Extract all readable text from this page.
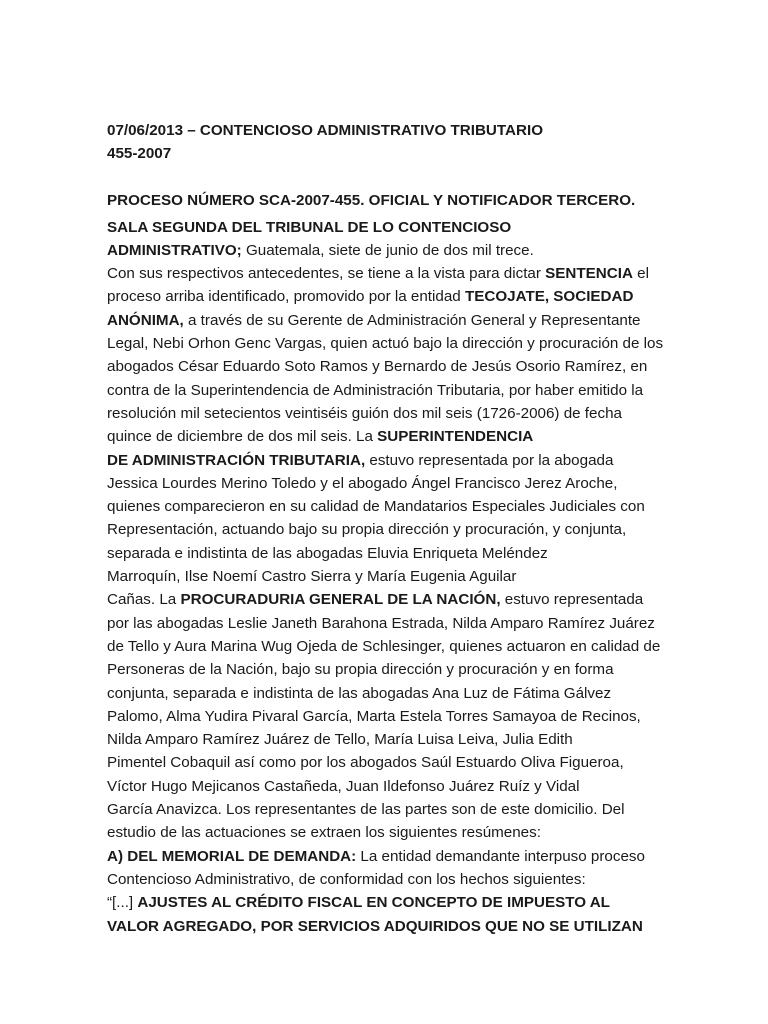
07/06/2013 – CONTENCIOSO ADMINISTRATIVO TRIBUTARIO
455-2007
PROCESO NÚMERO SCA-2007-455. OFICIAL Y NOTIFICADOR TERCERO.
SALA SEGUNDA DEL TRIBUNAL DE LO CONTENCIOSO
ADMINISTRATIVO; Guatemala, siete de junio de dos mil trece.
Con sus respectivos antecedentes, se tiene a la vista para dictar SENTENCIA el
proceso arriba identificado, promovido por la entidad TECOJATE, SOCIEDAD
ANÓNIMA, a través de su Gerente de Administración General y Representante
Legal, Nebi Orhon Genc Vargas, quien actuó bajo la dirección y procuración de los
abogados César Eduardo Soto Ramos y Bernardo de Jesús Osorio Ramírez, en
contra de la Superintendencia de Administración Tributaria, por haber emitido la
resolución mil setecientos veintiséis guión dos mil seis (1726-2006) de fecha
quince de diciembre de dos mil seis. La SUPERINTENDENCIA
DE ADMINISTRACIÓN TRIBUTARIA, estuvo representada por la abogada
Jessica Lourdes Merino Toledo y el abogado Ángel Francisco Jerez Aroche,
quienes comparecieron en su calidad de Mandatarios Especiales Judiciales con
Representación, actuando bajo su propia dirección y procuración, y conjunta,
separada e indistinta de las abogadas Eluvia Enriqueta Meléndez
Marroquín, Ilse Noemí Castro Sierra y María Eugenia Aguilar
Cañas. La PROCURADURIA GENERAL DE LA NACIÓN, estuvo representada
por las abogadas Leslie Janeth Barahona Estrada, Nilda Amparo Ramírez Juárez
de Tello y Aura Marina Wug Ojeda de Schlesinger, quienes actuaron en calidad de
Personeras de la Nación, bajo su propia dirección y procuración y en forma
conjunta, separada e indistinta de las abogadas Ana Luz de Fátima Gálvez
Palomo, Alma Yudira Pivaral García, Marta Estela Torres Samayoa de Recinos,
Nilda Amparo Ramírez Juárez de Tello, María Luisa Leiva, Julia Edith
Pimentel Cobaquil así como por los abogados Saúl Estuardo Oliva Figueroa,
Víctor Hugo Mejicanos Castañeda, Juan Ildefonso Juárez Ruíz y Vidal
García Anavizca. Los representantes de las partes son de este domicilio. Del
estudio de las actuaciones se extraen los siguientes resúmenes:
A) DEL MEMORIAL DE DEMANDA: La entidad demandante interpuso proceso
Contencioso Administrativo, de conformidad con los hechos siguientes:
“[...] AJUSTES AL CRÉDITO FISCAL EN CONCEPTO DE IMPUESTO AL
VALOR AGREGADO, POR SERVICIOS ADQUIRIDOS QUE NO SE UTILIZAN
